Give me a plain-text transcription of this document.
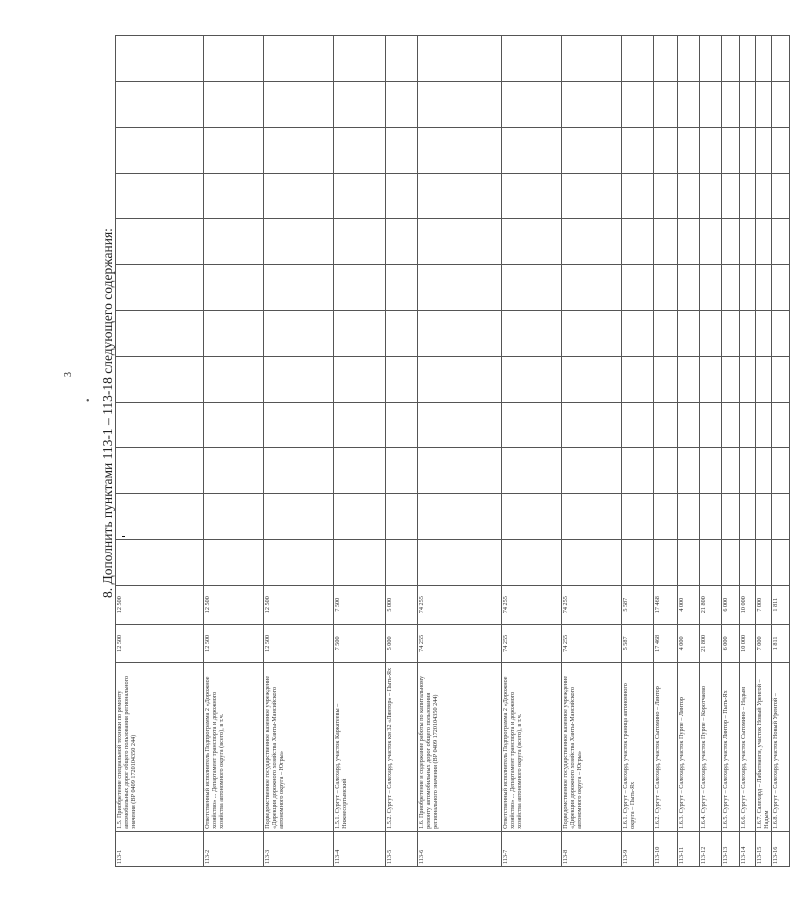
3
• 8. Дополнить пунктами 113-1 – 113-18 следующего содержания:
113-1	1.5. Приобретение специальной техники по ремонту автомобильных дорог общего пользования регионального значения (ВР 0409 1720104350 244)	12 500	12 500												
113-2	Ответственный исполнитель Подпрограмма 2 «Дорожное хозяйство» ... Департамент транспорта и дорожного хозяйства автономного округа (всего), в т.ч.	12 500	12 500												
113-3	Подведомственное государственное казенное учреждение «Дирекция дорожного хозяйства Ханты-Мансийского автономного округа – Югры»	12 500	12 500												
113-4	1.5.1. Сургут – Салехард, участок Каркатеевы – Нижнесортымский	7 500	7 500												
113-5	1.5.2. Сургут – Салехард, участок км 32 «Лянтор» – Пыть-Ях	5 000	5 000												
113-6	1.6. Приобретение и содержание работы по капитальному ремонту автомобильных дорог общего пользования регионального значения (ВР 0409 1720104350 244)	74 255	74 255												
113-7	Ответственный исполнитель Подпрограмма 2 «Дорожное хозяйство» ... Департамент транспорта и дорожного хозяйства автономного округа (всего), в т.ч.	74 255	74 255												
113-8	Подведомственное государственное казенное учреждение «Дирекция дорожного хозяйства Ханты-Мансийского автономного округа – Югры»	74 255	74 255												
113-9	1.6.1. Сургут – Салехард, участок граница автономного округа – Пыть-Ях	5 587	5 587												
113-10	1.6.2. Сургут – Салехард, участок Сытомино – Лянтор	17 468	17 468												
113-11	1.6.3. Сургут – Салехард, участок Пурпе – Лянтор	4 000	4 000												
113-12	1.6.4. Сургут – Салехард, участок Пурпе – Коротчаево	21 800	21 800												
113-13	1.6.5. Сургут – Салехард, участок Лянтор – Пыть-Ях	6 000	6 000												
113-14	1.6.6. Сургут – Салехард, участок Сытомино – Надым	10 000	10 000												
113-15	1.6.7. Салехард – Лабытнанги, участок Новый Уренгой – Надым	7 000	7 000												
113-16	1.6.8. Сургут – Салехард, участок Новый Уренгой –	1 811	1 811												
